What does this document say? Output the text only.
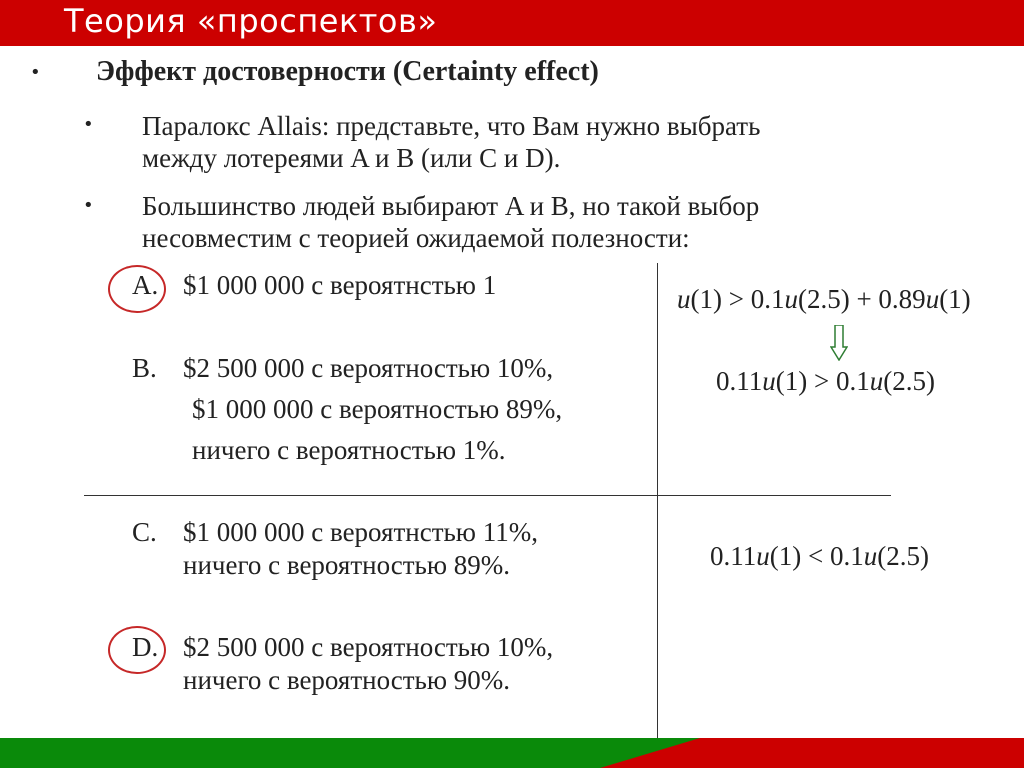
Теория «проспектов»
• Эффект достоверности (Certainty effect)
• Паралокс Allais: представьте, что Вам нужно выбрать
между лотереями A и B (или C и D).
• Большинство людей выбирают A и B, но такой выбор
несовместим с теорией ожидаемой полезности:
A. $1 000 000 с вероятнстью 1
B. $2 500 000 с вероятностью 10%,
$1 000 000 с вероятностью 89%,
ничего с вероятностью 1%.
C. $1 000 000 с вероятнстью 11%,
ничего с вероятностью 89%.
D. $2 500 000 с вероятностью 10%,
ничего с вероятностью 90%.
u(1) > 0.1u(2.5) + 0.89u(1)
0.11u(1) > 0.1u(2.5)
0.11u(1) < 0.1u(2.5)
